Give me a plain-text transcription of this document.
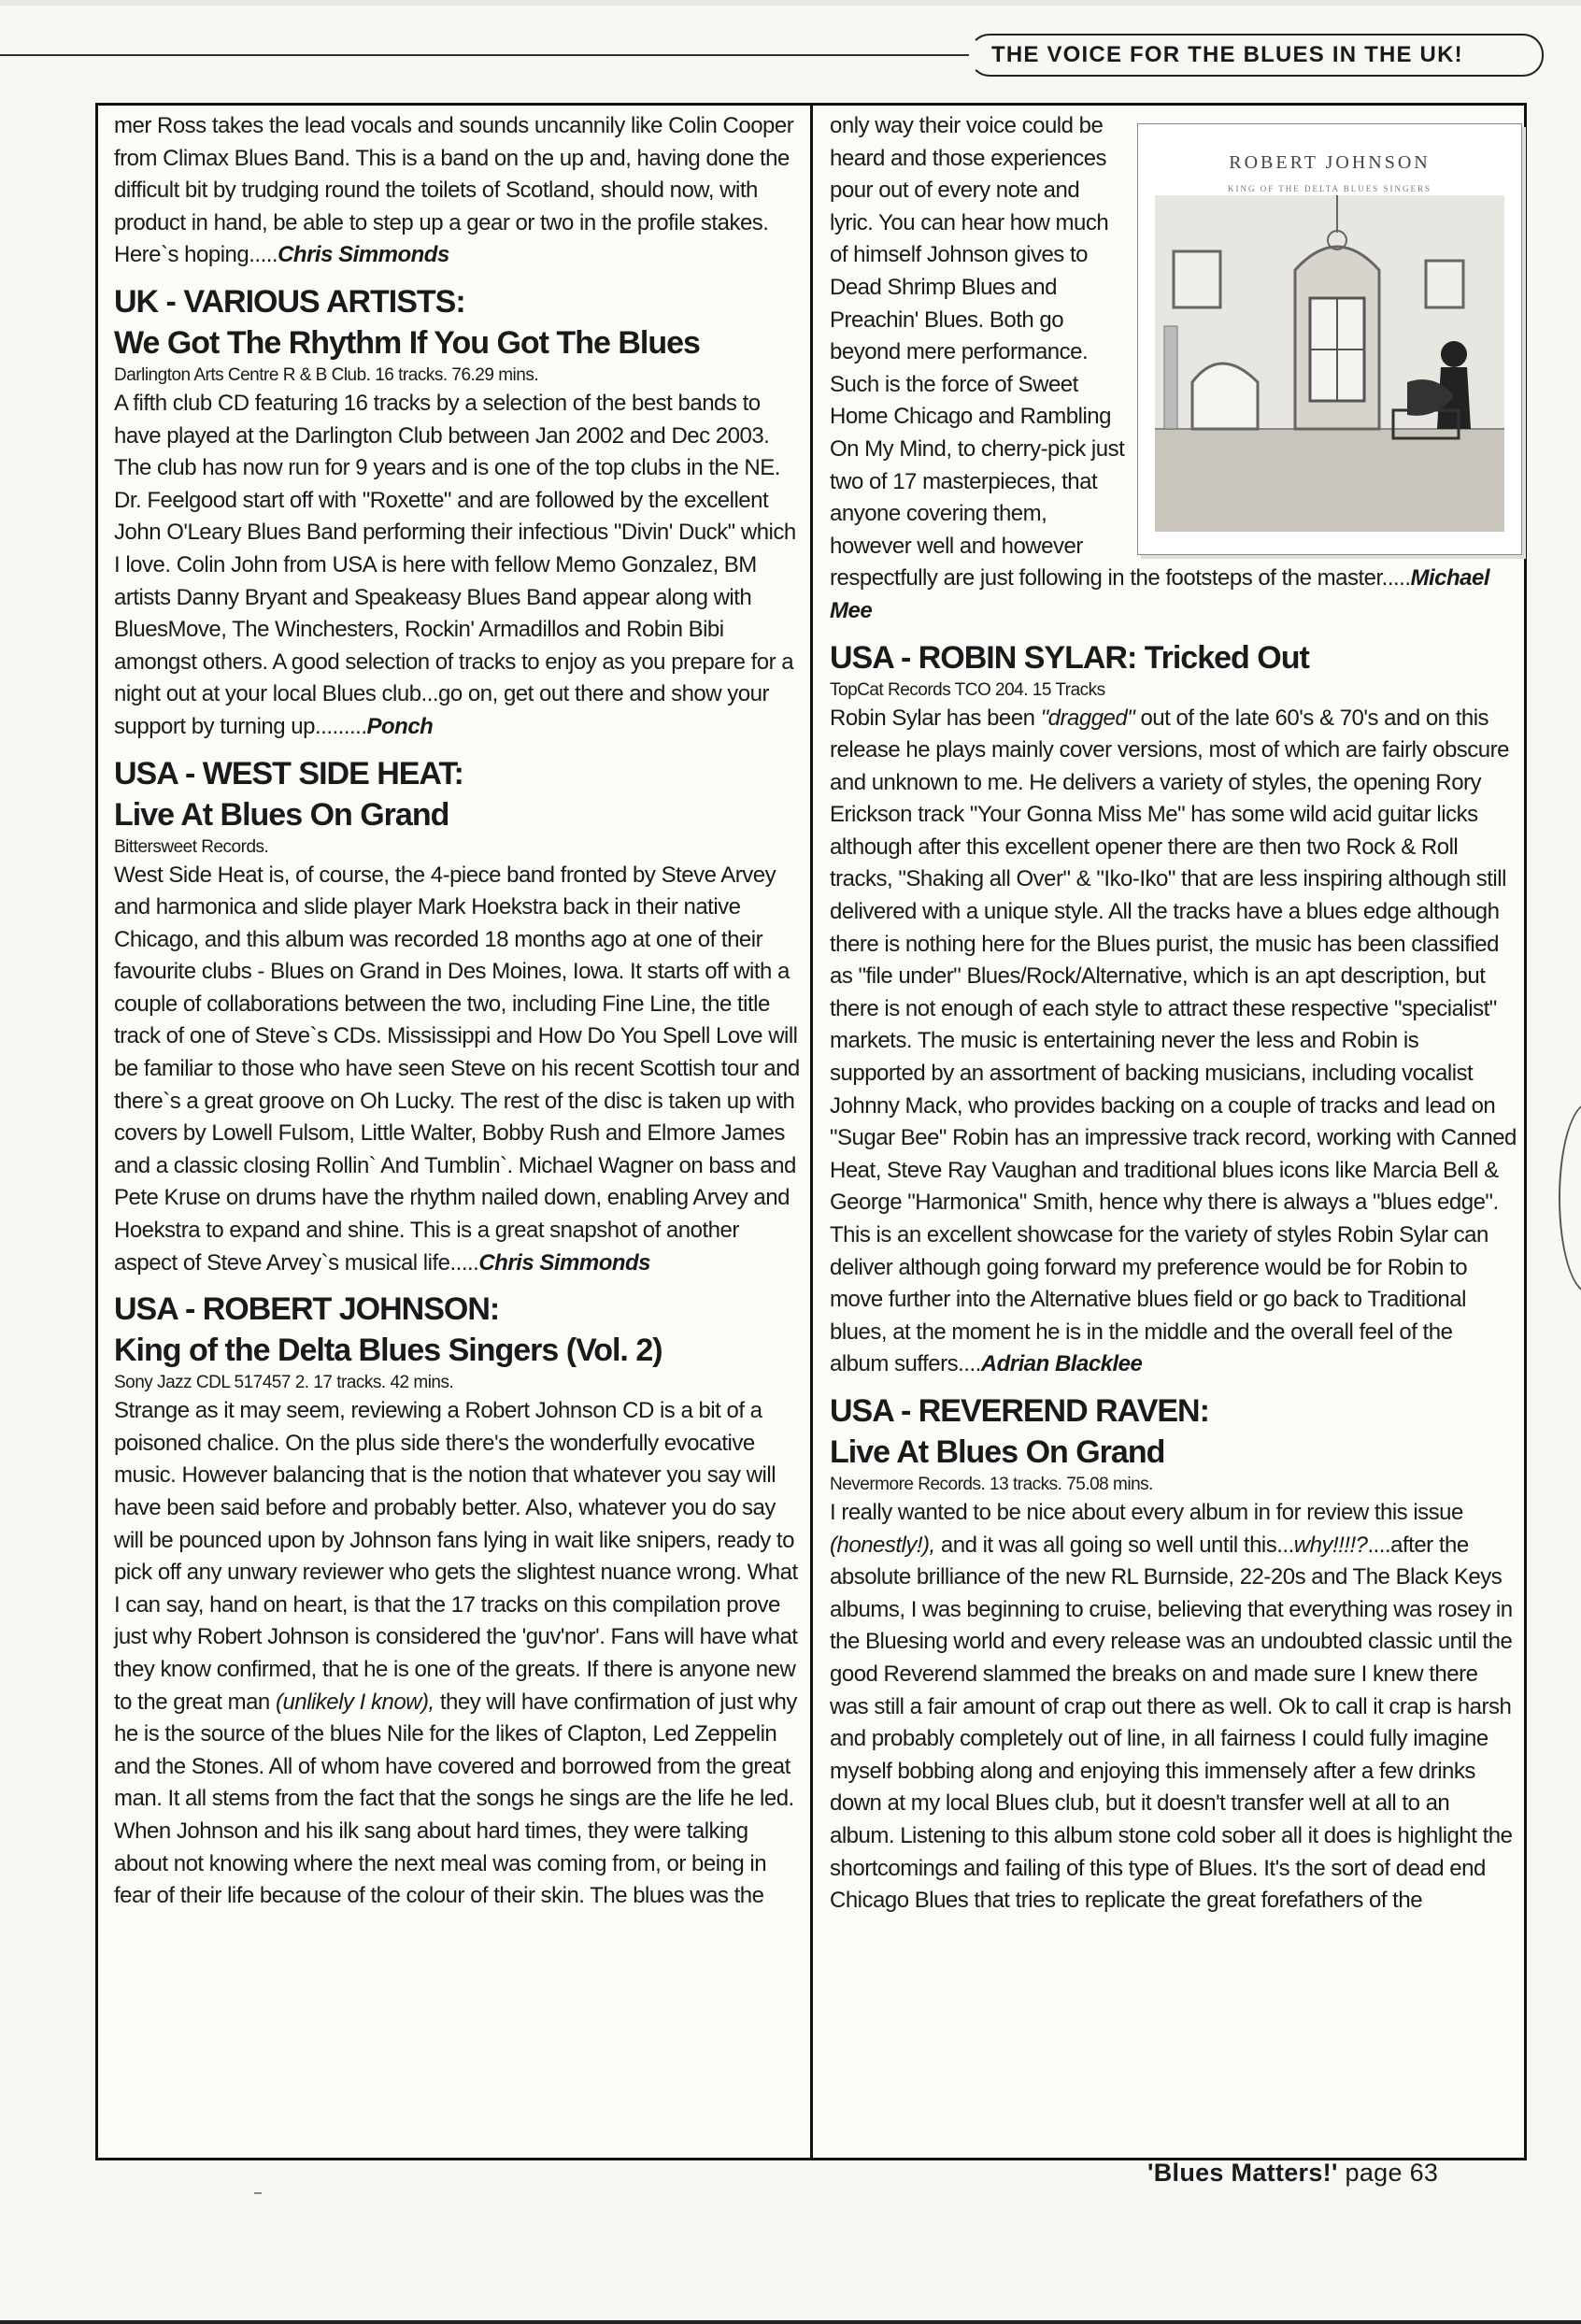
THE VOICE FOR THE BLUES IN THE UK!

mer Ross takes the lead vocals and sounds uncannily like Colin Cooper from Climax Blues Band. This is a band on the up and, having done the difficult bit by trudging round the toilets of Scotland, should now, with product in hand, be able to step up a gear or two in the profile stakes. Here`s hoping.....Chris Simmonds

UK - VARIOUS ARTISTS:

We Got The Rhythm If You Got The Blues

Darlington Arts Centre R & B Club. 16 tracks. 76.29 mins.

A fifth club CD featuring 16 tracks by a selection of the best bands to have played at the Darlington Club between Jan 2002 and Dec 2003. The club has now run for 9 years and is one of the top clubs in the NE. Dr. Feelgood start off with "Roxette" and are followed by the excellent John O'Leary Blues Band performing their infectious "Divin' Duck" which I love. Colin John from USA is here with fellow Memo Gonzalez, BM artists Danny Bryant and Speakeasy Blues Band appear along with BluesMove, The Winchesters, Rockin' Armadillos and Robin Bibi amongst others. A good selection of tracks to enjoy as you prepare for a night out at your local Blues club...go on, get out there and show your support by turning up.........Ponch

USA - WEST SIDE HEAT:

Live At Blues On Grand

Bittersweet Records.

West Side Heat is, of course, the 4-piece band fronted by Steve Arvey and harmonica and slide player Mark Hoekstra back in their native Chicago, and this album was recorded 18 months ago at one of their favourite clubs - Blues on Grand in Des Moines, Iowa. It starts off with a couple of collaborations between the two, including Fine Line, the title track of one of Steve`s CDs. Mississippi and How Do You Spell Love will be familiar to those who have seen Steve on his recent Scottish tour and there`s a great groove on Oh Lucky. The rest of the disc is taken up with covers by Lowell Fulsom, Little Walter, Bobby Rush and Elmore James and a classic closing Rollin` And Tumblin`. Michael Wagner on bass and Pete Kruse on drums have the rhythm nailed down, enabling Arvey and Hoekstra to expand and shine. This is a great snapshot of another aspect of Steve Arvey`s musical life.....Chris Simmonds

USA - ROBERT JOHNSON:

King of the Delta Blues Singers (Vol. 2)

Sony Jazz CDL 517457 2. 17 tracks. 42 mins.

Strange as it may seem, reviewing a Robert Johnson CD is a bit of a poisoned chalice. On the plus side there's the wonderfully evocative music. However balancing that is the notion that whatever you say will have been said before and probably better. Also, whatever you do say will be pounced upon by Johnson fans lying in wait like snipers, ready to pick off any unwary reviewer who gets the slightest nuance wrong. What I can say, hand on heart, is that the 17 tracks on this compilation prove just why Robert Johnson is considered the 'guv'nor'. Fans will have what they know confirmed, that he is one of the greats. If there is anyone new to the great man (unlikely I know), they will have confirmation of just why he is the source of the blues Nile for the likes of Clapton, Led Zeppelin and the Stones. All of whom have covered and borrowed from the great man. It all stems from the fact that the songs he sings are the life he led. When Johnson and his ilk sang about hard times, they were talking about not knowing where the next meal was coming from, or being in fear of their life because of the colour of their skin. The blues was the

ROBERT JOHNSON
KING OF THE DELTA BLUES SINGERS

only way their voice could be heard and those experiences pour out of every note and lyric. You can hear how much of himself Johnson gives to Dead Shrimp Blues and Preachin' Blues. Both go beyond mere performance. Such is the force of Sweet Home Chicago and Rambling On My Mind, to cherry-pick just two of 17 masterpieces, that anyone covering them, however well and however respectfully are just following in the footsteps of the master.....Michael Mee

USA - ROBIN SYLAR: Tricked Out

TopCat Records TCO 204. 15 Tracks

Robin Sylar has been "dragged" out of the late 60's & 70's and on this release he plays mainly cover versions, most of which are fairly obscure and unknown to me. He delivers a variety of styles, the opening Rory Erickson track "Your Gonna Miss Me" has some wild acid guitar licks although after this excellent opener there are then two Rock & Roll tracks, "Shaking all Over" & "Iko-Iko" that are less inspiring although still delivered with a unique style. All the tracks have a blues edge although there is nothing here for the Blues purist, the music has been classified as "file under" Blues/Rock/Alternative, which is an apt description, but there is not enough of each style to attract these respective "specialist" markets. The music is entertaining never the less and Robin is supported by an assortment of backing musicians, including vocalist Johnny Mack, who provides backing on a couple of tracks and lead on "Sugar Bee" Robin has an impressive track record, working with Canned Heat, Steve Ray Vaughan and traditional blues icons like Marcia Bell & George "Harmonica" Smith, hence why there is always a "blues edge". This is an excellent showcase for the variety of styles Robin Sylar can deliver although going forward my preference would be for Robin to move further into the Alternative blues field or go back to Traditional blues, at the moment he is in the middle and the overall feel of the album suffers....Adrian Blacklee

USA - REVEREND RAVEN:

Live At Blues On Grand

Nevermore Records. 13 tracks. 75.08 mins.

I really wanted to be nice about every album in for review this issue (honestly!), and it was all going so well until this...why!!!!?....after the absolute brilliance of the new RL Burnside, 22-20s and The Black Keys albums, I was beginning to cruise, believing that everything was rosey in the Bluesing world and every release was an undoubted classic until the good Reverend slammed the breaks on and made sure I knew there was still a fair amount of crap out there as well. Ok to call it crap is harsh and probably completely out of line, in all fairness I could fully imagine myself bobbing along and enjoying this immensely after a few drinks down at my local Blues club, but it doesn't transfer well at all to an album. Listening to this album stone cold sober all it does is highlight the shortcomings and failing of this type of Blues. It's the sort of dead end Chicago Blues that tries to replicate the great forefathers of the

'Blues Matters!' page 63
